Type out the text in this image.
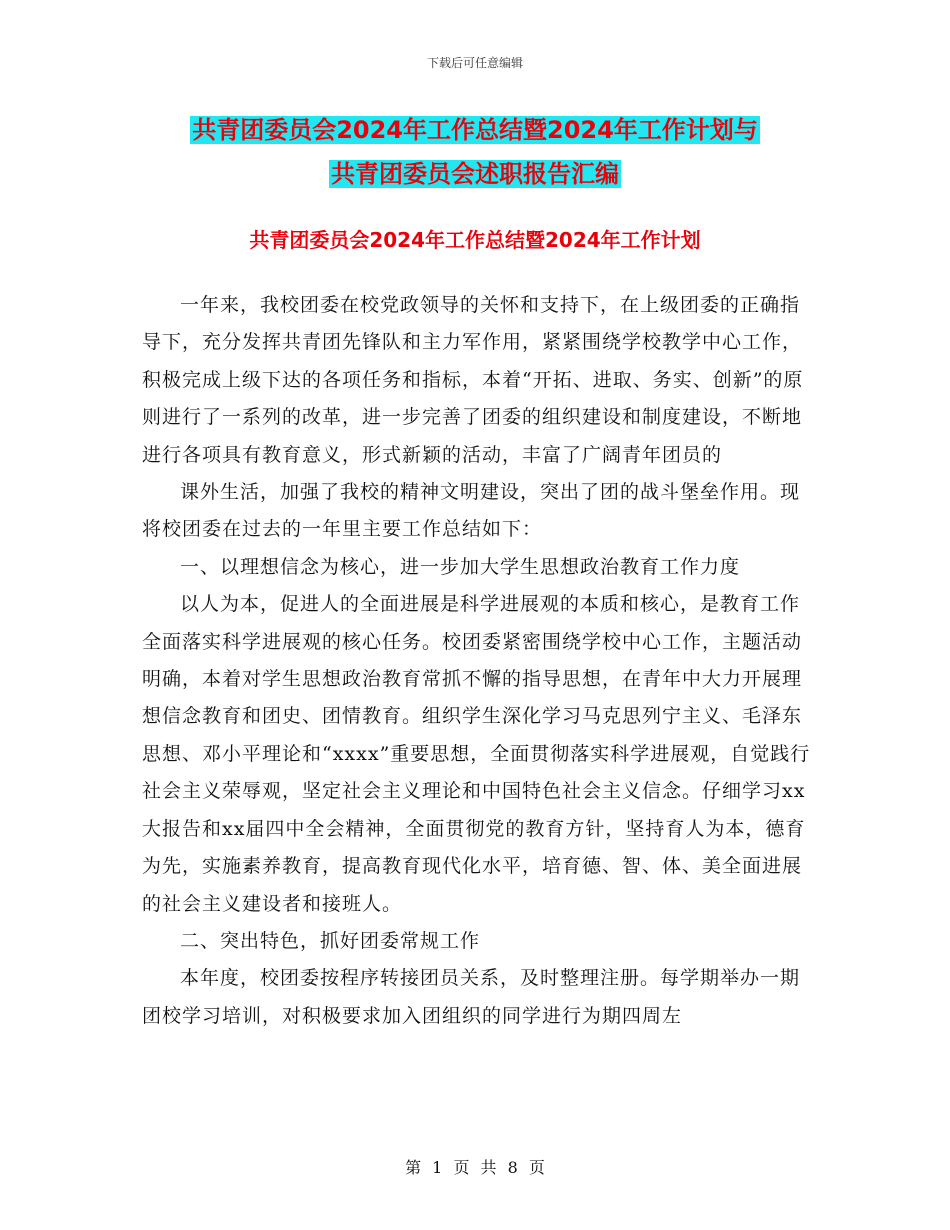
下载后可任意编辑
共青团委员会2024年工作总结暨2024年工作计划与
共青团委员会述职报告汇编
共青团委员会2024年工作总结暨2024年工作计划

一年来，我校团委在校党政领导的关怀和支持下，在上级团委的正确指导下，充分发挥共青团先锋队和主力军作用，紧紧围绕学校教学中心工作，积极完成上级下达的各项任务和指标，本着“开拓、进取、务实、创新”的原则进行了一系列的改革，进一步完善了团委的组织建设和制度建设，不断地进行各项具有教育意义，形式新颖的活动，丰富了广阔青年团员的

课外生活，加强了我校的精神文明建设，突出了团的战斗堡垒作用。现将校团委在过去的一年里主要工作总结如下：

一、以理想信念为核心，进一步加大学生思想政治教育工作力度

以人为本，促进人的全面进展是科学进展观的本质和核心，是教育工作全面落实科学进展观的核心任务。校团委紧密围绕学校中心工作，主题活动明确，本着对学生思想政治教育常抓不懈的指导思想，在青年中大力开展理想信念教育和团史、团情教育。组织学生深化学习马克思列宁主义、毛泽东思想、邓小平理论和“xxxx”重要思想，全面贯彻落实科学进展观，自觉践行社会主义荣辱观，坚定社会主义理论和中国特色社会主义信念。仔细学习xx大报告和xx届四中全会精神，全面贯彻党的教育方针，坚持育人为本，德育为先，实施素养教育，提高教育现代化水平，培育德、智、体、美全面进展的社会主义建设者和接班人。

二、突出特色，抓好团委常规工作

本年度，校团委按程序转接团员关系，及时整理注册。每学期举办一期团校学习培训，对积极要求加入团组织的同学进行为期四周左

第 1 页 共 8 页
